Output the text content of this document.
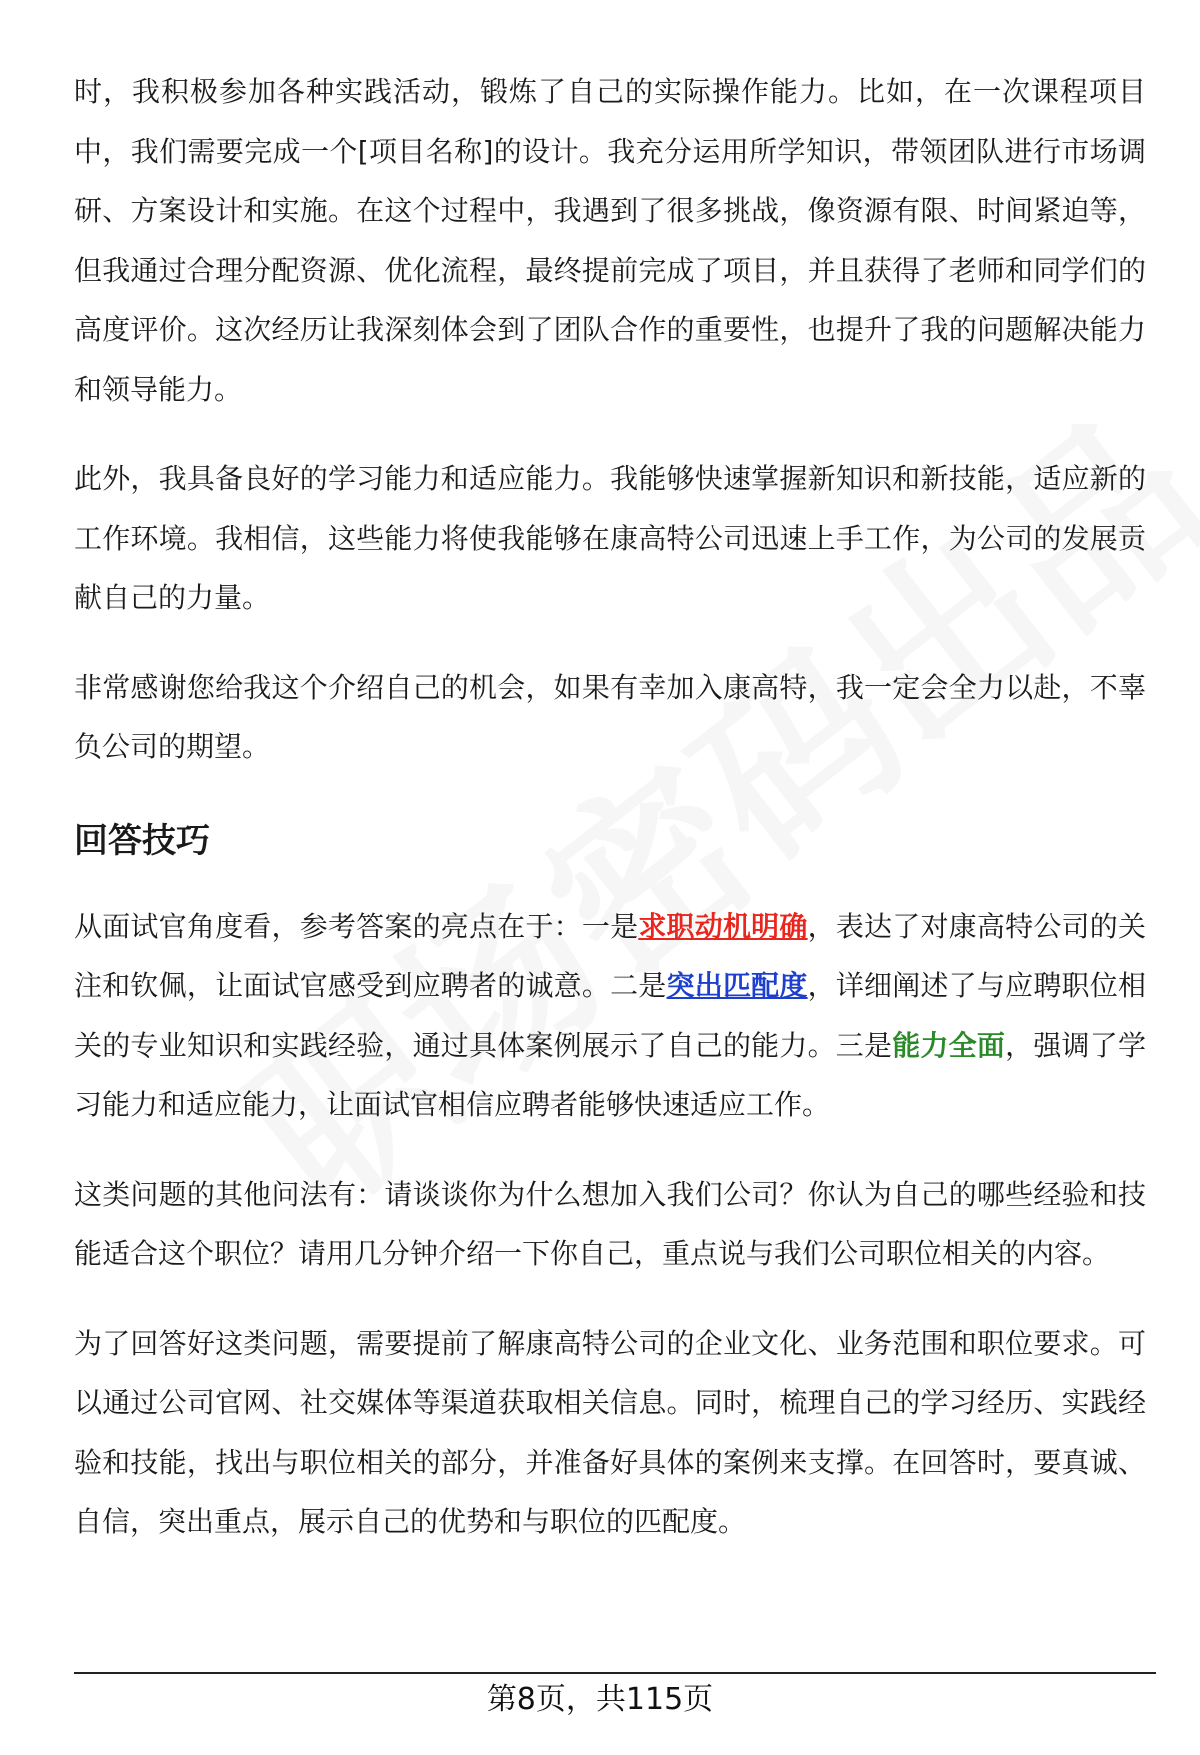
时，我积极参加各种实践活动，锻炼了自己的实际操作能力。比如，在一次课程项目中，我们需要完成一个[项目名称]的设计。我充分运用所学知识，带领团队进行市场调研、方案设计和实施。在这个过程中，我遇到了很多挑战，像资源有限、时间紧迫等，但我通过合理分配资源、优化流程，最终提前完成了项目，并且获得了老师和同学们的高度评价。这次经历让我深刻体会到了团队合作的重要性，也提升了我的问题解决能力和领导能力。

此外，我具备良好的学习能力和适应能力。我能够快速掌握新知识和新技能，适应新的工作环境。我相信，这些能力将使我能够在康高特公司迅速上手工作，为公司的发展贡献自己的力量。

非常感谢您给我这个介绍自己的机会，如果有幸加入康高特，我一定会全力以赴，不辜负公司的期望。

回答技巧

从面试官角度看，参考答案的亮点在于：一是求职动机明确，表达了对康高特公司的关注和钦佩，让面试官感受到应聘者的诚意。二是突出匹配度，详细阐述了与应聘职位相关的专业知识和实践经验，通过具体案例展示了自己的能力。三是能力全面，强调了学习能力和适应能力，让面试官相信应聘者能够快速适应工作。

这类问题的其他问法有：请谈谈你为什么想加入我们公司？你认为自己的哪些经验和技能适合这个职位？请用几分钟介绍一下你自己，重点说与我们公司职位相关的内容。

为了回答好这类问题，需要提前了解康高特公司的企业文化、业务范围和职位要求。可以通过公司官网、社交媒体等渠道获取相关信息。同时，梳理自己的学习经历、实践经验和技能，找出与职位相关的部分，并准备好具体的案例来支撑。在回答时，要真诚、自信，突出重点，展示自己的优势和与职位的匹配度。

第8页，共115页
